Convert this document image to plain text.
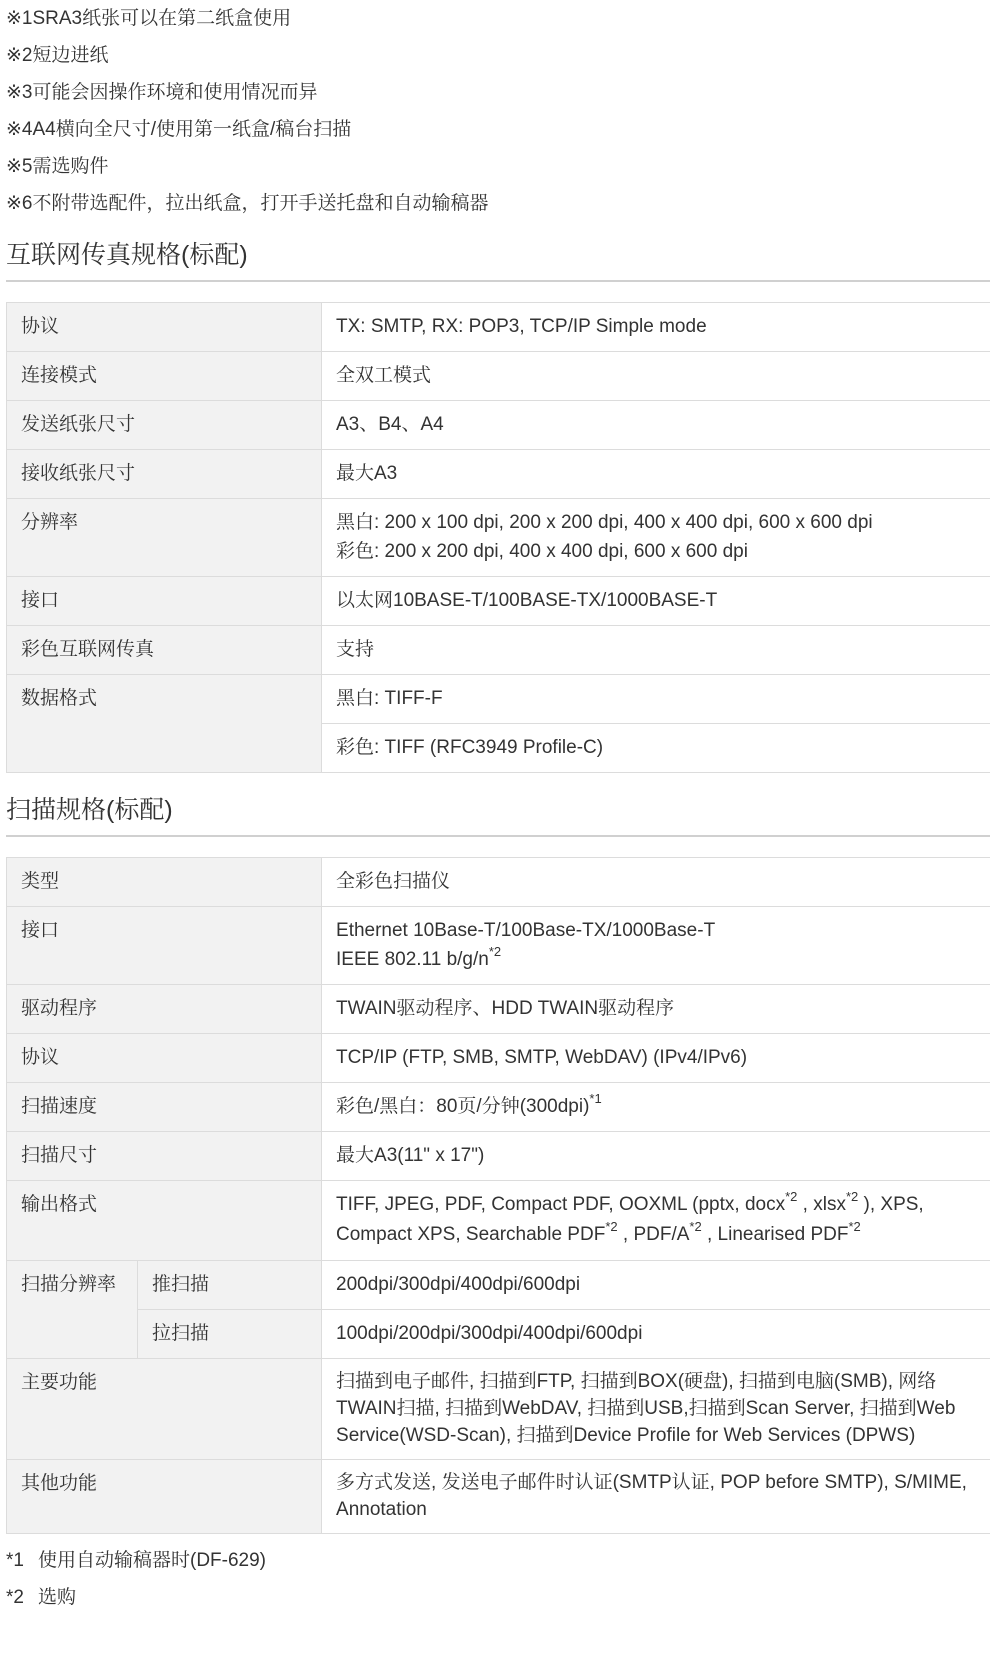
※1SRA3纸张可以在第二纸盒使用
※2短边进纸
※3可能会因操作环境和使用情况而异
※4A4横向全尺寸/使用第一纸盒/稿台扫描
※5需选购件
※6不附带选配件，拉出纸盒，打开手送托盘和自动输稿器
互联网传真规格(标配)
协议	TX: SMTP, RX: POP3, TCP/IP Simple mode
连接模式	全双工模式
发送纸张尺寸	A3、B4、A4
接收纸张尺寸	最大A3
分辨率	黑白: 200 x 100 dpi, 200 x 200 dpi, 400 x 400 dpi, 600 x 600 dpi
彩色: 200 x 200 dpi, 400 x 400 dpi, 600 x 600 dpi

接口	以太网10BASE-T/100BASE-TX/1000BASE-T
彩色互联网传真	支持
数据格式	黑白: TIFF-F
	彩色: TIFF (RFC3949 Profile-C)
扫描规格(标配)
类型		全彩色扫描仪
接口		Ethernet 10Base-T/100Base-TX/1000Base-T
IEEE 802.11 $b/g/n^{*2}$

驱动程序		TWAIN驱动程序、HDD TWAIN驱动程序
协议		TCP/IP (FTP, SMB, SMTP, WebDAV) (IPv4/IPv6)
扫描速度		彩色/黑白：80页/分钟$(300dpi)^{*1}$
扫描尺寸		最大A3(11" x 17")
输出格式		TIFF, JPEG, PDF, Compact PDF, OOXML (pptx, docx$^{*2}$ , xlsx$^{*2}$ ), XPS, Compact XPS, Searchable PDF$^{*2}$ , PDF/$A^{*2}$ , Linearised PDF$^{*2}$
扫描分辨率	推扫描	200dpi/300dpi/400dpi/600dpi
	拉扫描	100dpi/200dpi/300dpi/400dpi/600dpi
主要功能		扫描到电子邮件, 扫描到FTP, 扫描到BOX(硬盘), 扫描到电脑(SMB), 网络TWAIN扫描, 扫描到WebDAV, 扫描到USB,扫描到Scan Server, 扫描到Web Service(WSD-Scan), 扫描到Device Profile for Web Services (DPWS)
其他功能		多方式发送, 发送电子邮件时认证(SMTP认证, POP before SMTP), S/MIME, Annotation
*1 使用自动输稿器时(DF-629)
*2 选购
